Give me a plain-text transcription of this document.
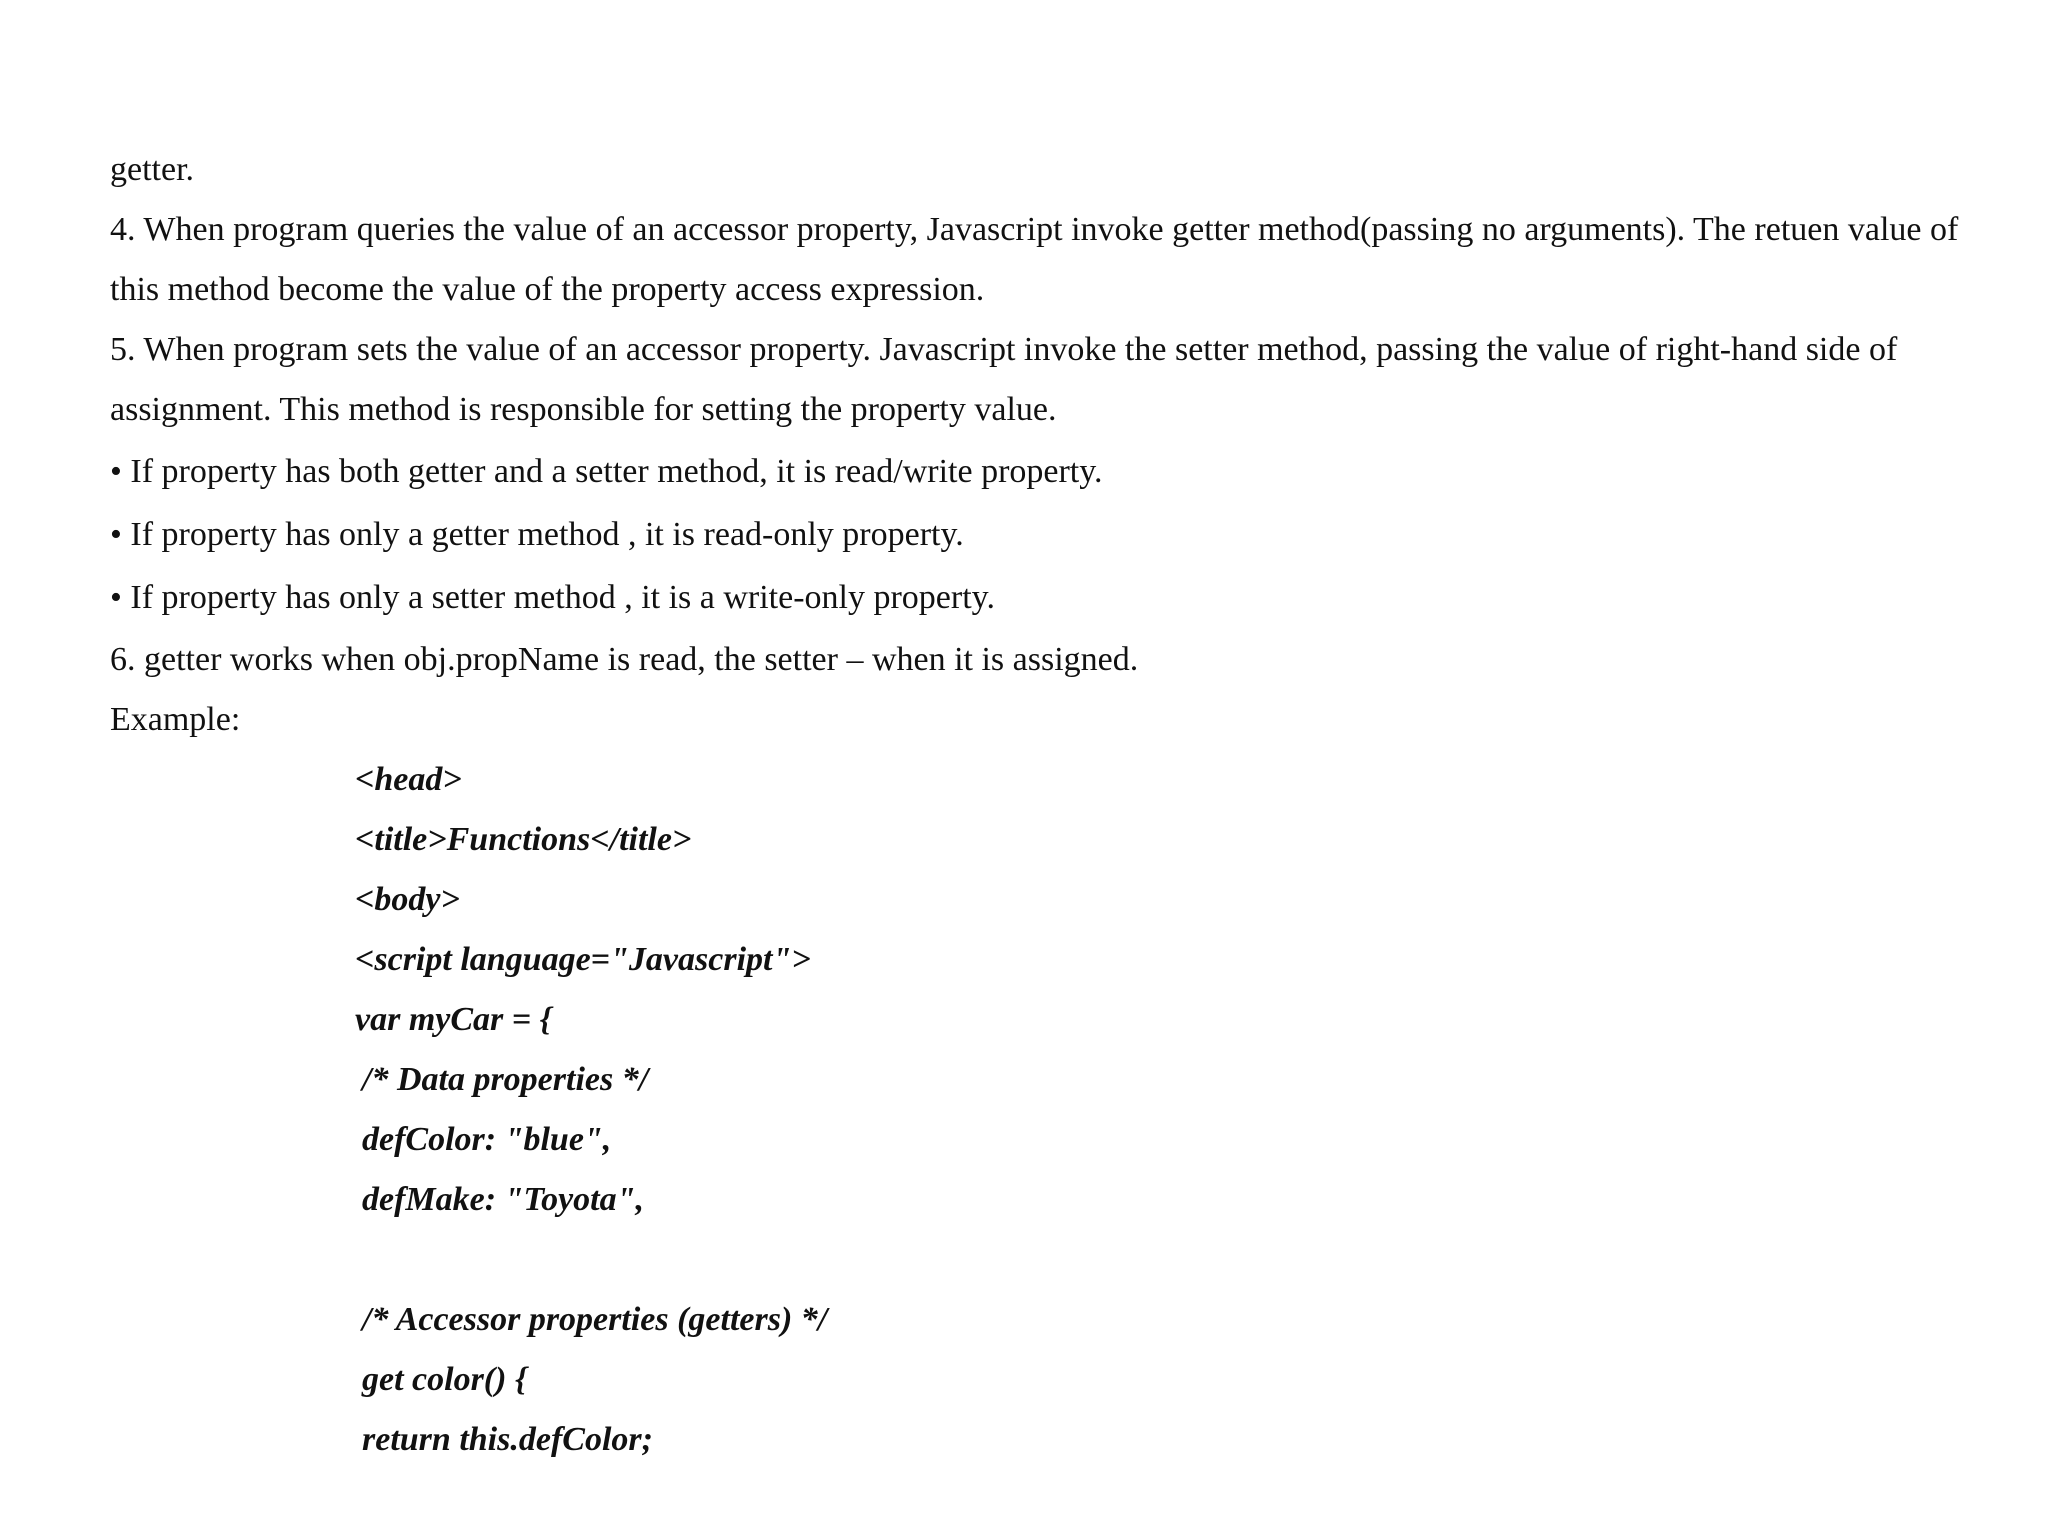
getter.
4. When program queries the value of an accessor property, Javascript invoke getter method(passing no arguments). The retuen value of
this method become the value of the property access expression.
5. When program sets the value of an accessor property. Javascript invoke the setter method, passing the value of right-hand side of
assignment. This method is responsible for setting the property value.
• If property has both getter and a setter method, it is read/write property.
• If property has only a getter method , it is read-only property.
• If property has only a setter method , it is a write-only property.
6. getter works when obj.propName is read, the setter – when it is assigned.
Example:
<head>
<title>Functions</title>
<body>
<script language="Javascript">
var myCar = {
/* Data properties */
defColor: "blue",
defMake: "Toyota",
/* Accessor properties (getters) */
get color() {
return this.defColor;
